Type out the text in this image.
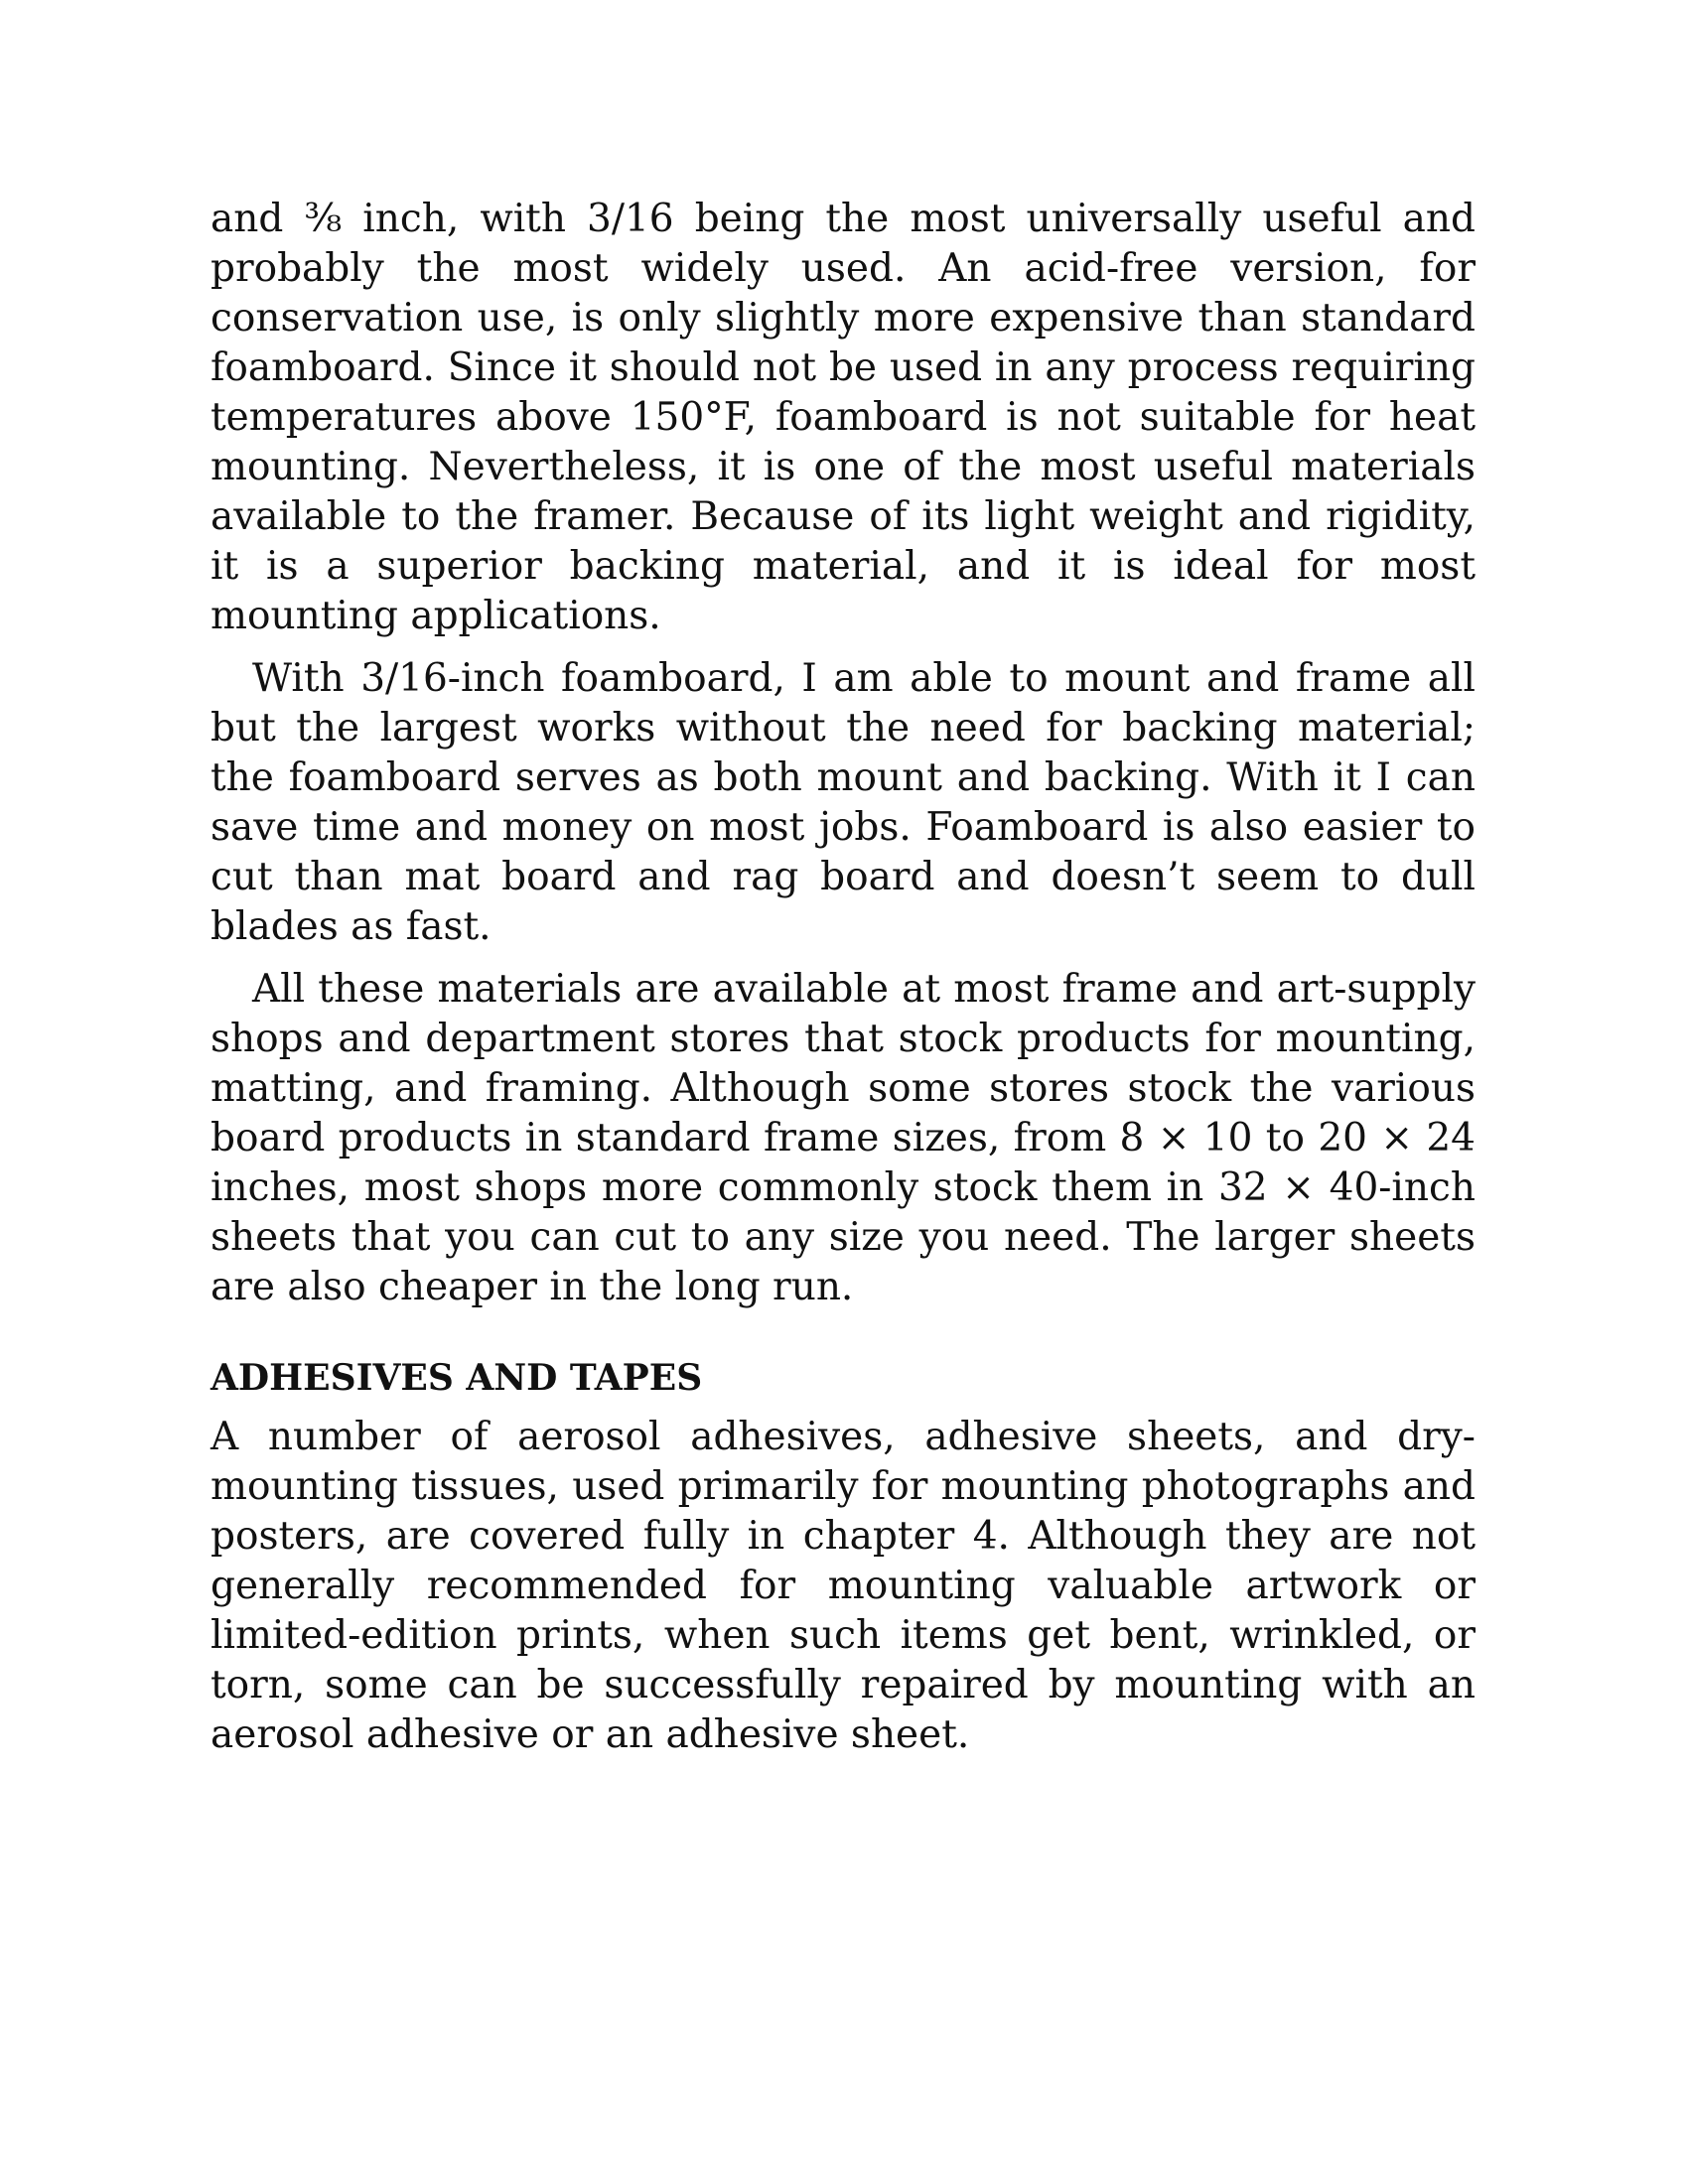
and ⅜ inch, with 3/16 being the most universally useful and probably the most widely used. An acid-free version, for conservation use, is only slightly more expensive than standard foamboard. Since it should not be used in any process requiring temperatures above 150°F, foamboard is not suitable for heat mounting. Nevertheless, it is one of the most useful materials available to the framer. Because of its light weight and rigidity, it is a superior backing material, and it is ideal for most mounting applications.

With 3/16-inch foamboard, I am able to mount and frame all but the largest works without the need for backing material; the foamboard serves as both mount and backing. With it I can save time and money on most jobs. Foamboard is also easier to cut than mat board and rag board and doesn’t seem to dull blades as fast.

All these materials are available at most frame and art-supply shops and department stores that stock products for mounting, matting, and framing. Although some stores stock the various board products in standard frame sizes, from 8 × 10 to 20 × 24 inches, most shops more commonly stock them in 32 × 40-inch sheets that you can cut to any size you need. The larger sheets are also cheaper in the long run.

ADHESIVES AND TAPES

A number of aerosol adhesives, adhesive sheets, and dry-mounting tissues, used primarily for mounting photographs and posters, are covered fully in chapter 4. Although they are not generally recommended for mounting valuable artwork or limited-edition prints, when such items get bent, wrinkled, or torn, some can be successfully repaired by mounting with an aerosol adhesive or an adhesive sheet.
